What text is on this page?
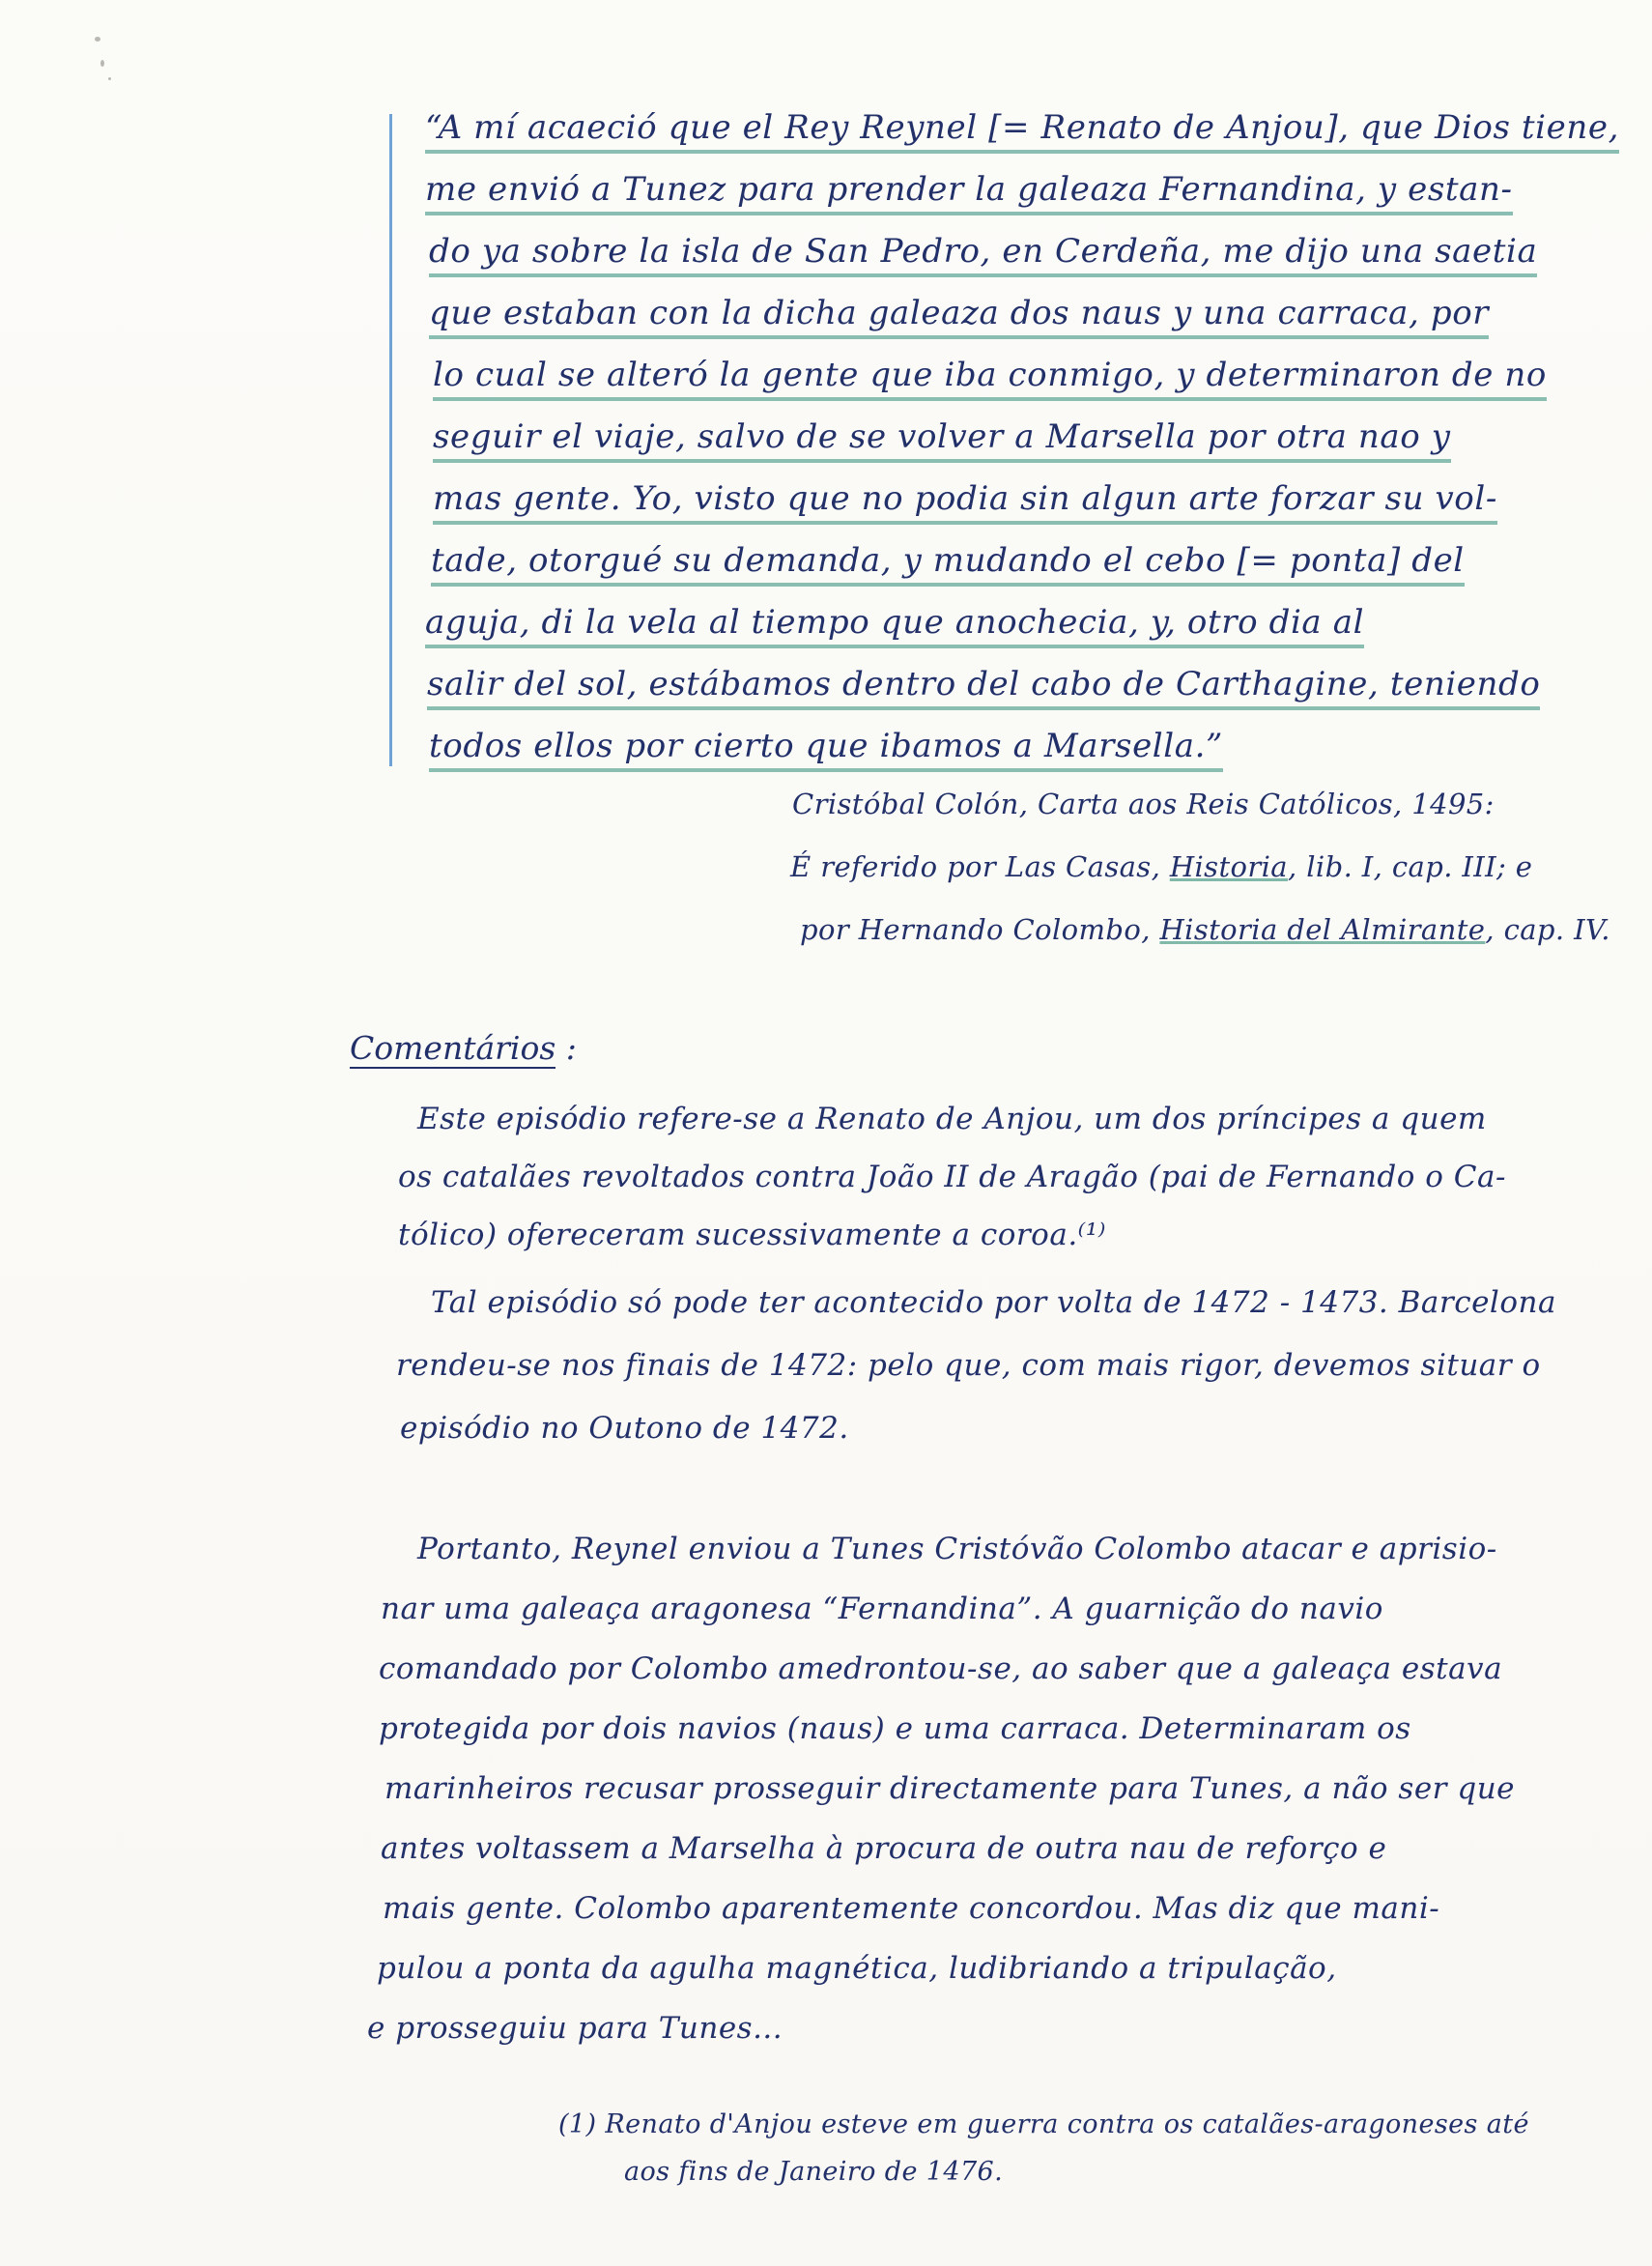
“A mí acaeció que el Rey Reynel [= Renato de Anjou], que Dios tiene,
me envió a Tunez para prender la galeaza Fernandina, y estan-
do ya sobre la isla de San Pedro, en Cerdeña, me dijo una saetia
que estaban con la dicha galeaza dos naus y una carraca, por
lo cual se alteró la gente que iba conmigo, y determinaron de no
seguir el viaje, salvo de se volver a Marsella por otra nao y
mas gente. Yo, visto que no podia sin algun arte forzar su vol-
tade, otorgué su demanda, y mudando el cebo [= ponta] del
aguja, di la vela al tiempo que anochecia, y, otro dia al
salir del sol, estábamos dentro del cabo de Carthagine, teniendo
todos ellos por cierto que ibamos a Marsella.”
Cristóbal Colón, Carta aos Reis Católicos, 1495:
É referido por Las Casas, Historia, lib. I, cap. III; e
por Hernando Colombo, Historia del Almirante, cap. IV.
Comentários :
Este episódio refere-se a Renato de Anjou, um dos príncipes a quem
os catalães revoltados contra João II de Aragão (pai de Fernando o Ca-
tólico) ofereceram sucessivamente a coroa.⁽¹⁾
Tal episódio só pode ter acontecido por volta de 1472 - 1473. Barcelona
rendeu-se nos finais de 1472: pelo que, com mais rigor, devemos situar o
episódio no Outono de 1472.
Portanto, Reynel enviou a Tunes Cristóvão Colombo atacar e aprisio-
nar uma galeaça aragonesa “Fernandina”. A guarnição do navio
comandado por Colombo amedrontou-se, ao saber que a galeaça estava
protegida por dois navios (naus) e uma carraca. Determinaram os
marinheiros recusar prosseguir directamente para Tunes, a não ser que
antes voltassem a Marselha à procura de outra nau de reforço e
mais gente. Colombo aparentemente concordou. Mas diz que mani-
pulou a ponta da agulha magnética, ludibriando a tripulação,
e prosseguiu para Tunes...
(1) Renato d'Anjou esteve em guerra contra os catalães-aragoneses até
aos fins de Janeiro de 1476.
